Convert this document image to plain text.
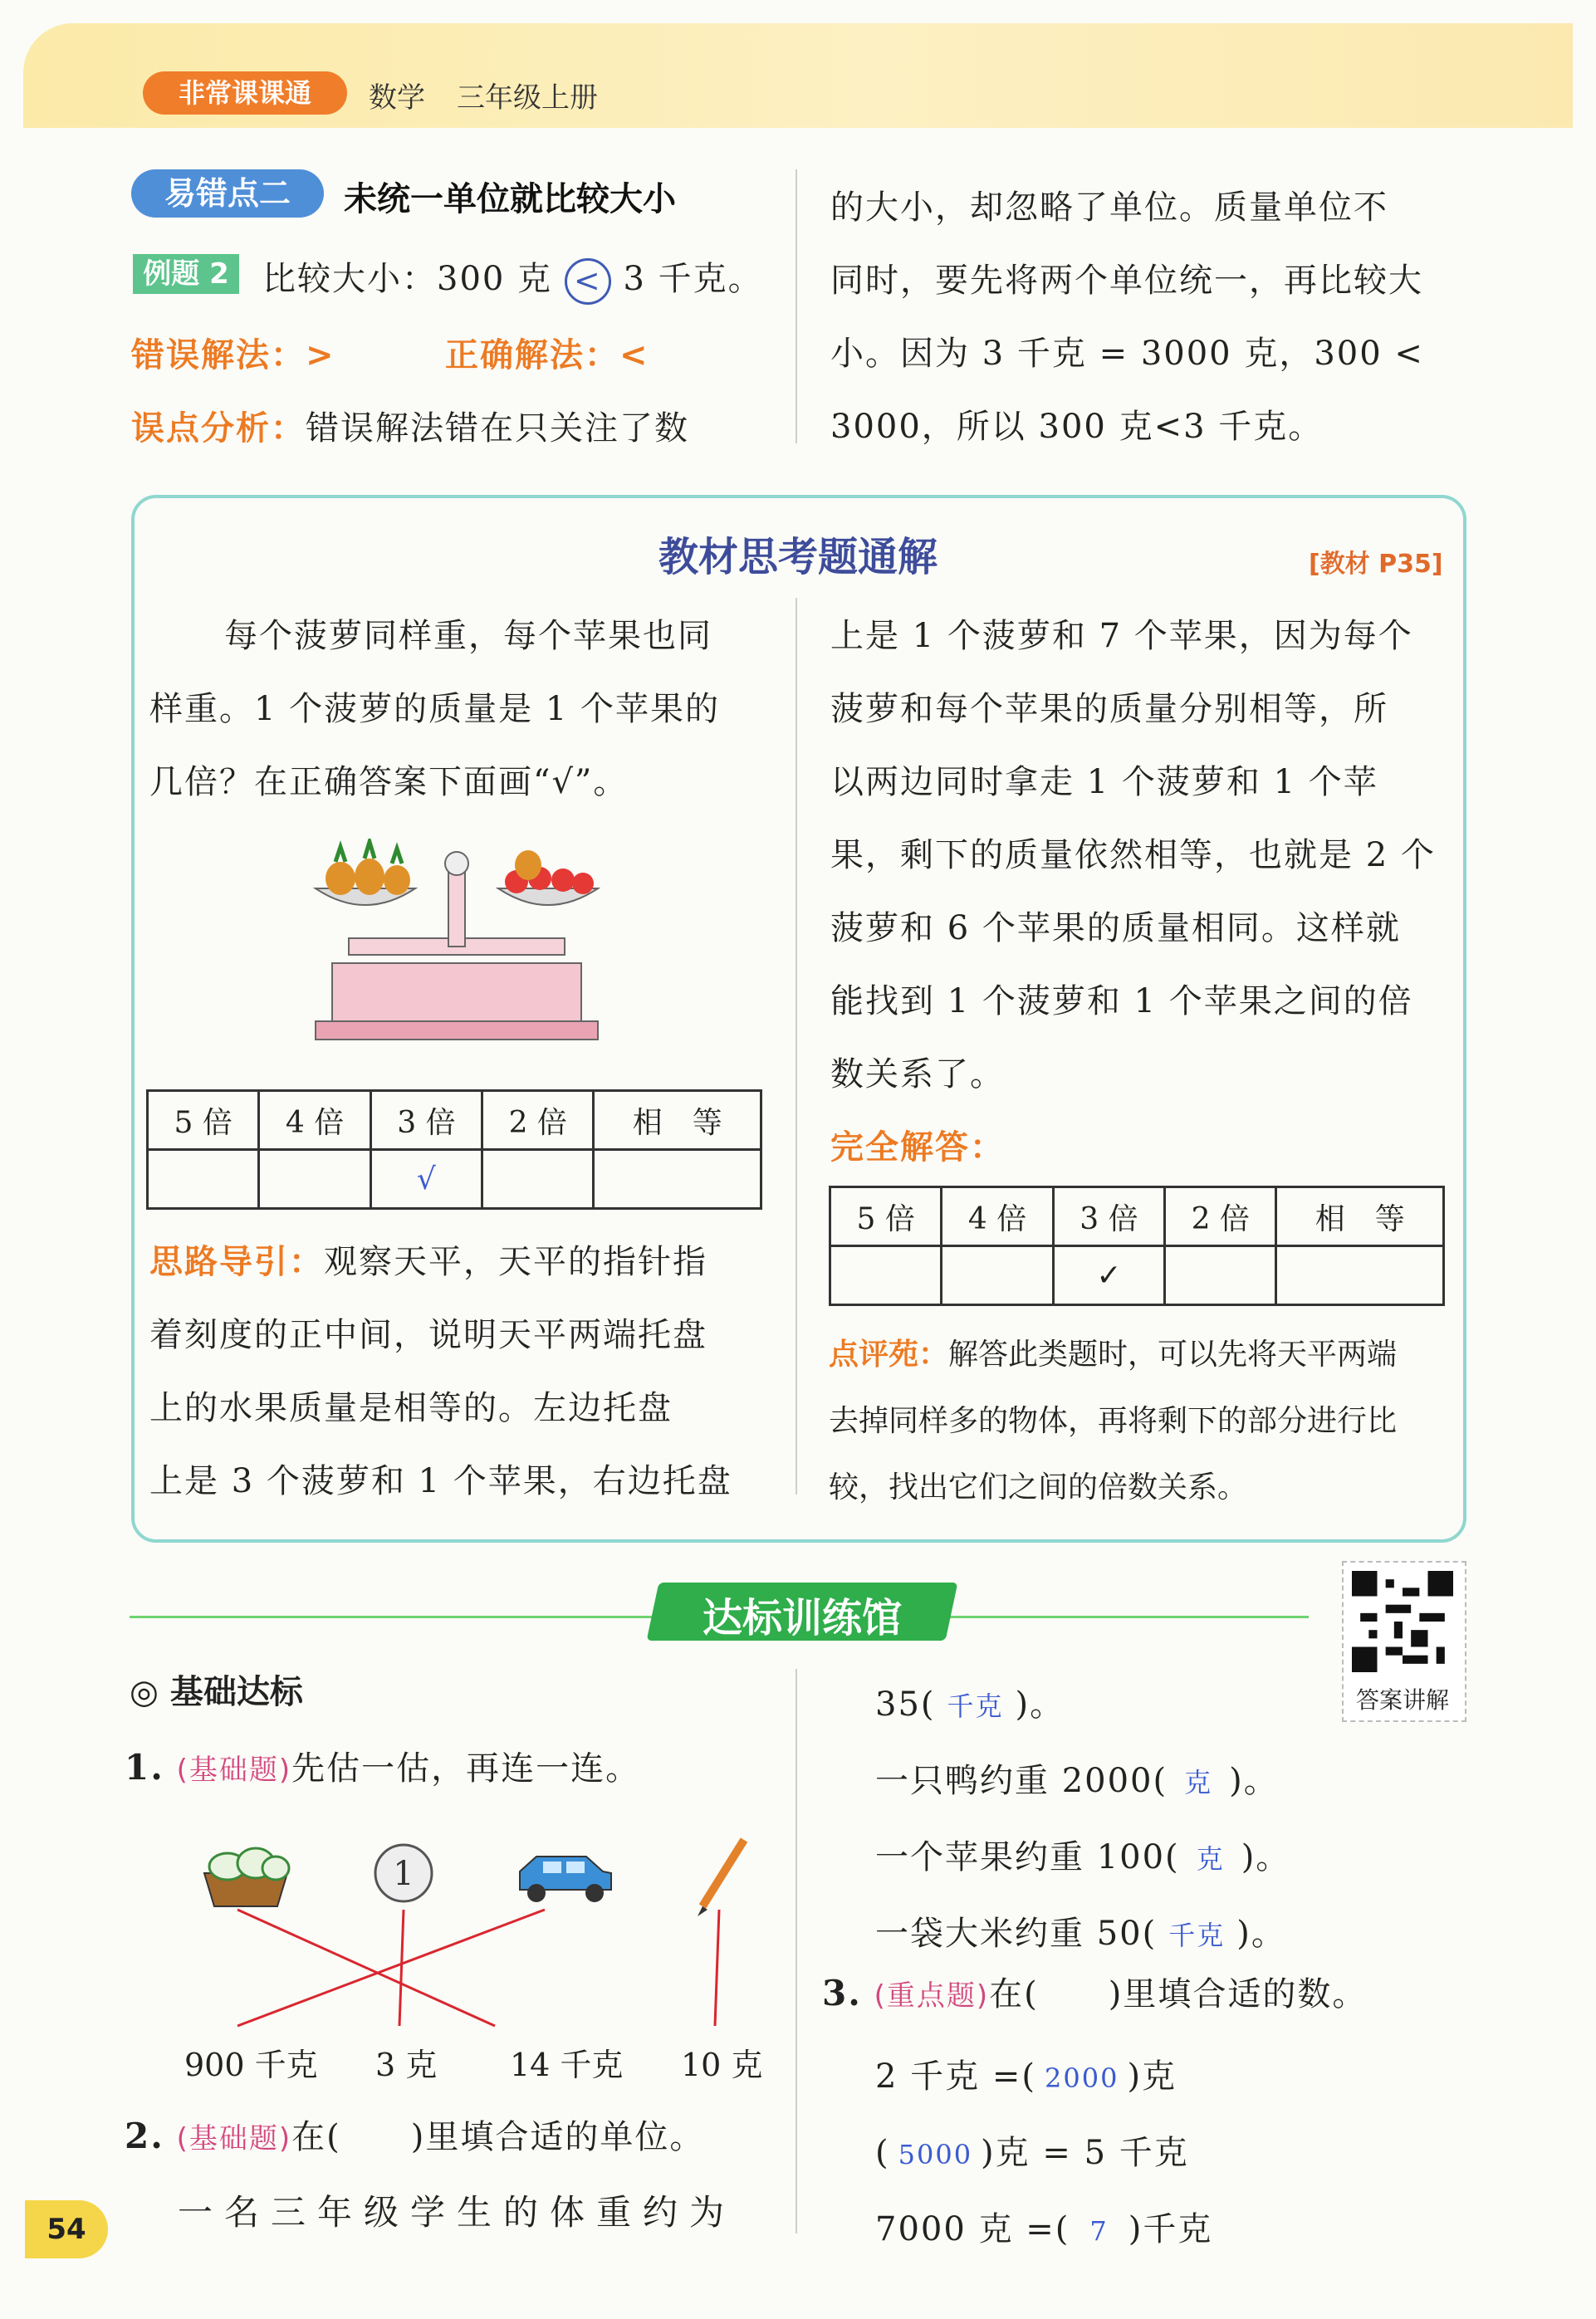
非常课课通	数学 三年级上册
易错点二	未统一单位就比较大小
例题 2	比较大小：300 克 < 3 千克。
错误解法：>	正确解法：<
误点分析：错误解法错在只关注了数
的大小，却忽略了单位。质量单位不
同时，要先将两个单位统一，再比较大
小。因为 3 千克 = 3000 克，300 <
3000，所以 300 克<3 千克。
教材思考题通解	[教材 P35]
每个菠萝同样重，每个苹果也同
样重。1 个菠萝的质量是 1 个苹果的
几倍？在正确答案下面画“√”。
5 倍	4 倍	3 倍	2 倍	相　等
		√		
思路导引：观察天平，天平的指针指
着刻度的正中间，说明天平两端托盘
上的水果质量是相等的。左边托盘
上是 3 个菠萝和 1 个苹果，右边托盘
上是 1 个菠萝和 7 个苹果，因为每个
菠萝和每个苹果的质量分别相等，所
以两边同时拿走 1 个菠萝和 1 个苹
果，剩下的质量依然相等，也就是 2 个
菠萝和 6 个苹果的质量相同。这样就
能找到 1 个菠萝和 1 个苹果之间的倍
数关系了。
完全解答：
5 倍	4 倍	3 倍	2 倍	相　等
		✓		
点评苑：解答此类题时，可以先将天平两端
去掉同样多的物体，再将剩下的部分进行比
较，找出它们之间的倍数关系。
达标训练馆
答案讲解
◎ 基础达标
1. (基础题)先估一估，再连一连。
1
900 千克 3 克 14 千克 10 克
2. (基础题)在(　　)里填合适的单位。
一名三年级学生的体重约为
35( 千克 )。
一只鸭约重 2000( 克 )。
一个苹果约重 100( 克 )。
一袋大米约重 50( 千克 )。
3. (重点题)在(　　)里填合适的数。
2 千克 =( 2000 )克
( 5000 )克 = 5 千克
7000 克 =( 7 )千克
54
